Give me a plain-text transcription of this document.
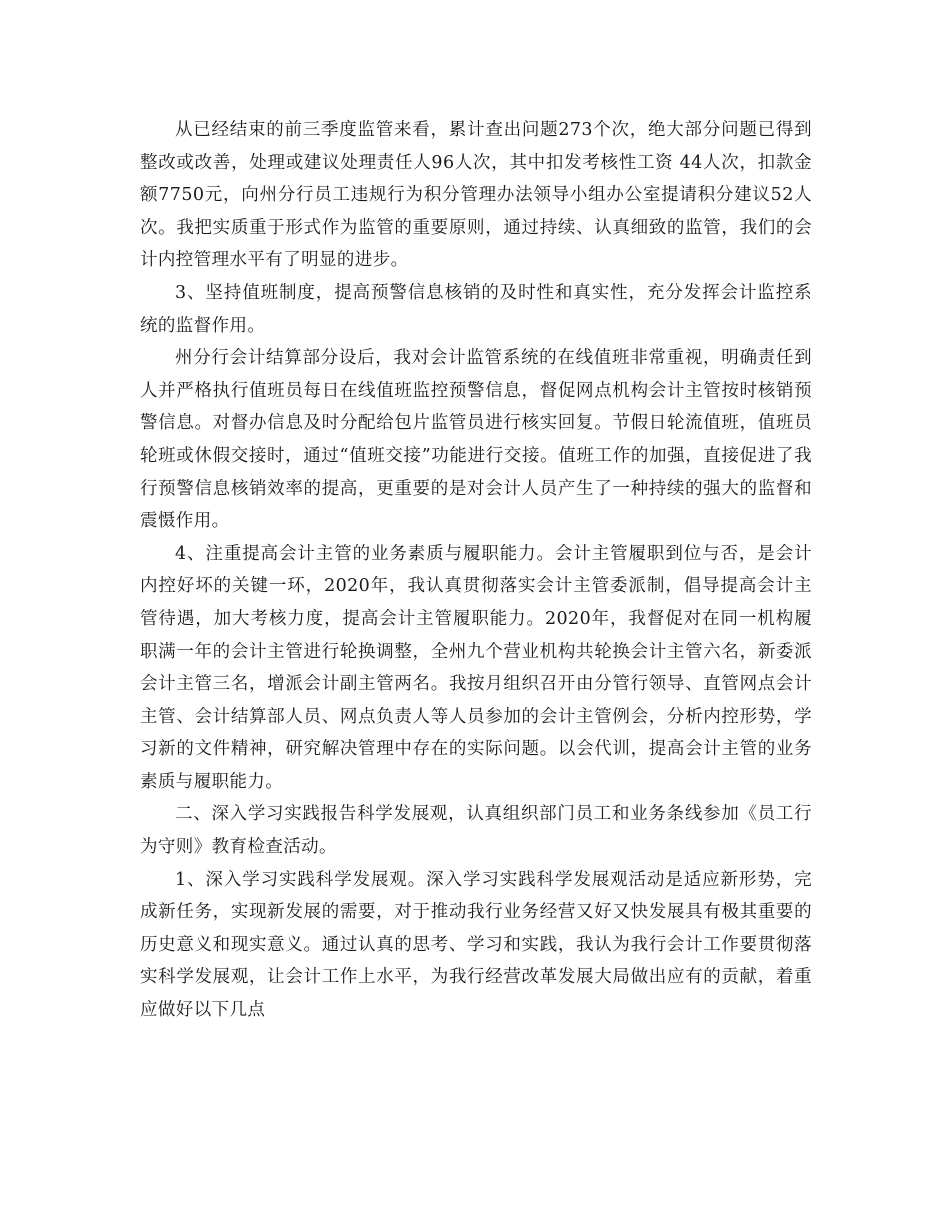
从已经结束的前三季度监管来看，累计查出问题273个次，绝大部分问题已得到整改或改善，处理或建议处理责任人96人次，其中扣发考核性工资 44人次，扣款金额7750元，向州分行员工违规行为积分管理办法领导小组办公室提请积分建议52人次。我把实质重于形式作为监管的重要原则，通过持续、认真细致的监管，我们的会计内控管理水平有了明显的进步。

3、坚持值班制度，提高预警信息核销的及时性和真实性，充分发挥会计监控系统的监督作用。

州分行会计结算部分设后，我对会计监管系统的在线值班非常重视，明确责任到人并严格执行值班员每日在线值班监控预警信息，督促网点机构会计主管按时核销预警信息。对督办信息及时分配给包片监管员进行核实回复。节假日轮流值班，值班员轮班或休假交接时，通过“值班交接”功能进行交接。值班工作的加强，直接促进了我行预警信息核销效率的提高，更重要的是对会计人员产生了一种持续的强大的监督和震慑作用。

4、注重提高会计主管的业务素质与履职能力。会计主管履职到位与否，是会计内控好坏的关键一环，2020年，我认真贯彻落实会计主管委派制，倡导提高会计主管待遇，加大考核力度，提高会计主管履职能力。2020年，我督促对在同一机构履职满一年的会计主管进行轮换调整，全州九个营业机构共轮换会计主管六名，新委派会计主管三名，增派会计副主管两名。我按月组织召开由分管行领导、直管网点会计主管、会计结算部人员、网点负责人等人员参加的会计主管例会，分析内控形势，学习新的文件精神，研究解决管理中存在的实际问题。以会代训，提高会计主管的业务素质与履职能力。

二、深入学习实践报告科学发展观，认真组织部门员工和业务条线参加《员工行为守则》教育检查活动。

1、深入学习实践科学发展观。深入学习实践科学发展观活动是适应新形势，完成新任务，实现新发展的需要，对于推动我行业务经营又好又快发展具有极其重要的历史意义和现实意义。通过认真的思考、学习和实践，我认为我行会计工作要贯彻落实科学发展观，让会计工作上水平，为我行经营改革发展大局做出应有的贡献，着重应做好以下几点
